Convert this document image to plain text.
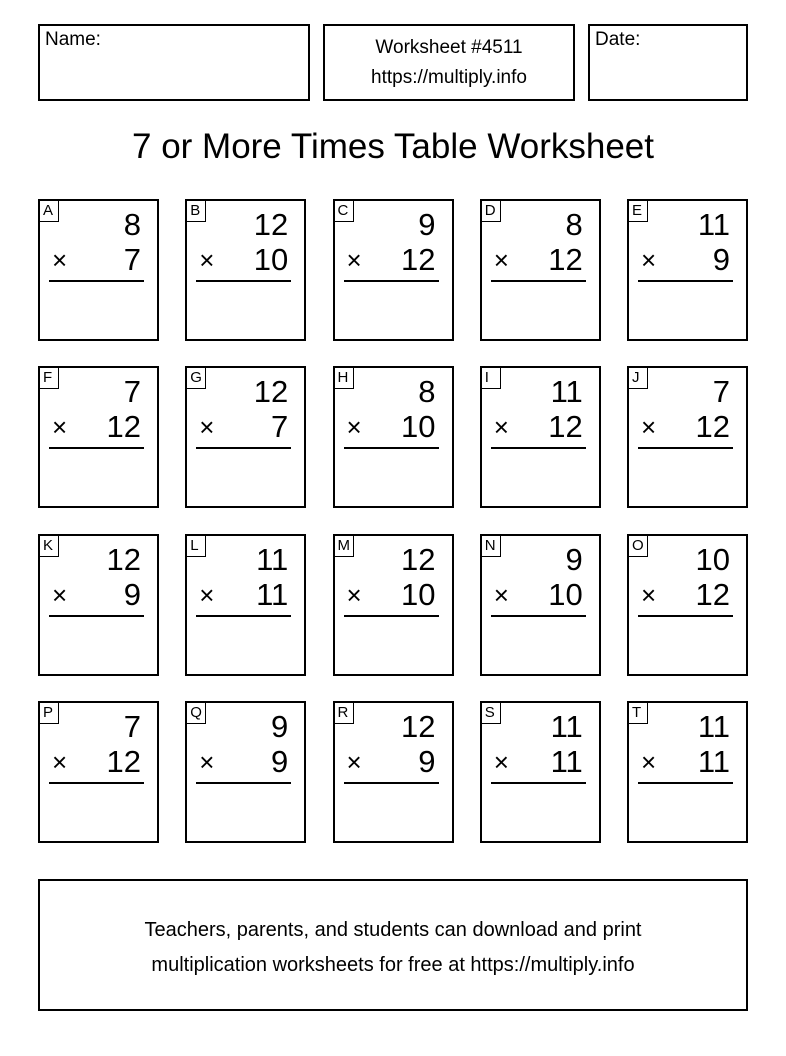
Name:	Worksheet #4511
https://multiply.info
Date:
7 or More Times Table Worksheet
A 8
× 7
B 12
× 10
C 9
× 12
D 8
× 12
E 11
× 9
F 7
× 12
G 12
× 7
H 8
× 10
I	11
× 12
J 7
× 12
K 12
× 9
L 11
× 11
M 12
× 10
N 9
× 10
O 10
× 12
P 7
× 12
Q 9
× 9
R 12
× 9
S 11
× 11
T 11
× 11
Teachers, parents, and students can download and print
multiplication worksheets for free at https://multiply.info
